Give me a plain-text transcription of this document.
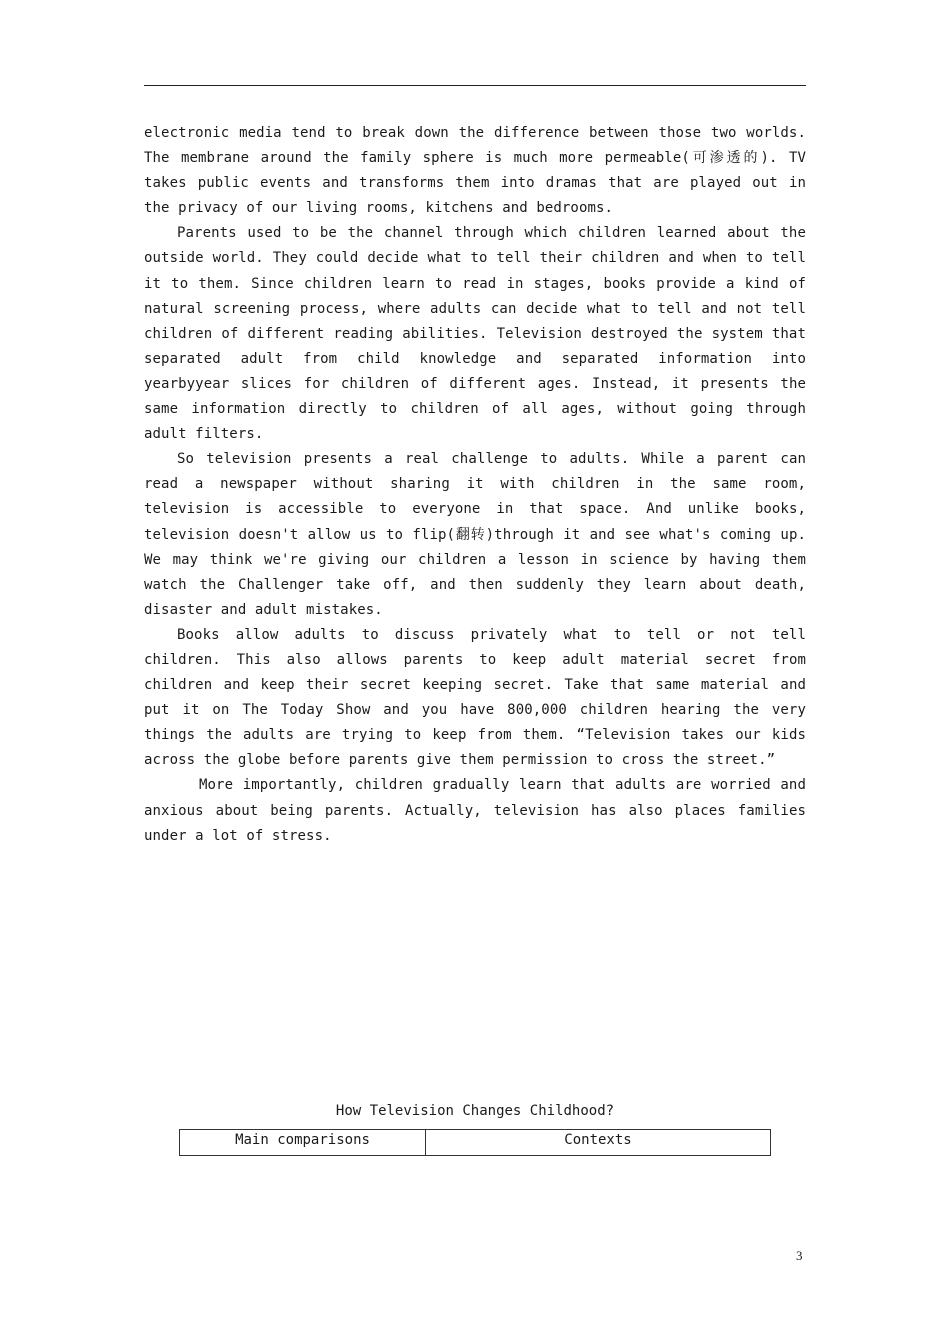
electronic media tend to break down the difference between those two worlds. The membrane around the family sphere is much more permeable(可渗透的). TV takes public events and transforms them into dramas that are played out in the privacy of our living rooms, kitchens and bedrooms.

Parents used to be the channel through which children learned about the outside world. They could decide what to tell their children and when to tell it to them. Since children learn to read in stages, books provide a kind of natural screening process, where adults can decide what to tell and not tell children of different reading abilities. Television destroyed the system that separated adult from child knowledge and separated information into yearbyyear slices for children of different ages. Instead, it presents the same information directly to children of all ages, without going through adult filters.

So television presents a real challenge to adults. While a parent can read a newspaper without sharing it with children in the same room, television is accessible to everyone in that space. And unlike books, television doesn't allow us to flip(翻转)through it and see what's coming up. We may think we're giving our children a lesson in science by having them watch the Challenger take off, and then suddenly they learn about death, disaster and adult mistakes.

Books allow adults to discuss privately what to tell or not tell children. This also allows parents to keep adult material secret from children and keep their secret keeping secret. Take that same material and put it on The Today Show and you have 800,000 children hearing the very things the adults are trying to keep from them. “Television takes our kids across the globe before parents give them permission to cross the street.”

More importantly, children gradually learn that adults are worried and anxious about being parents. Actually, television has also places families under a lot of stress.

How Television Changes Childhood?
Main comparisons	Contexts
3
